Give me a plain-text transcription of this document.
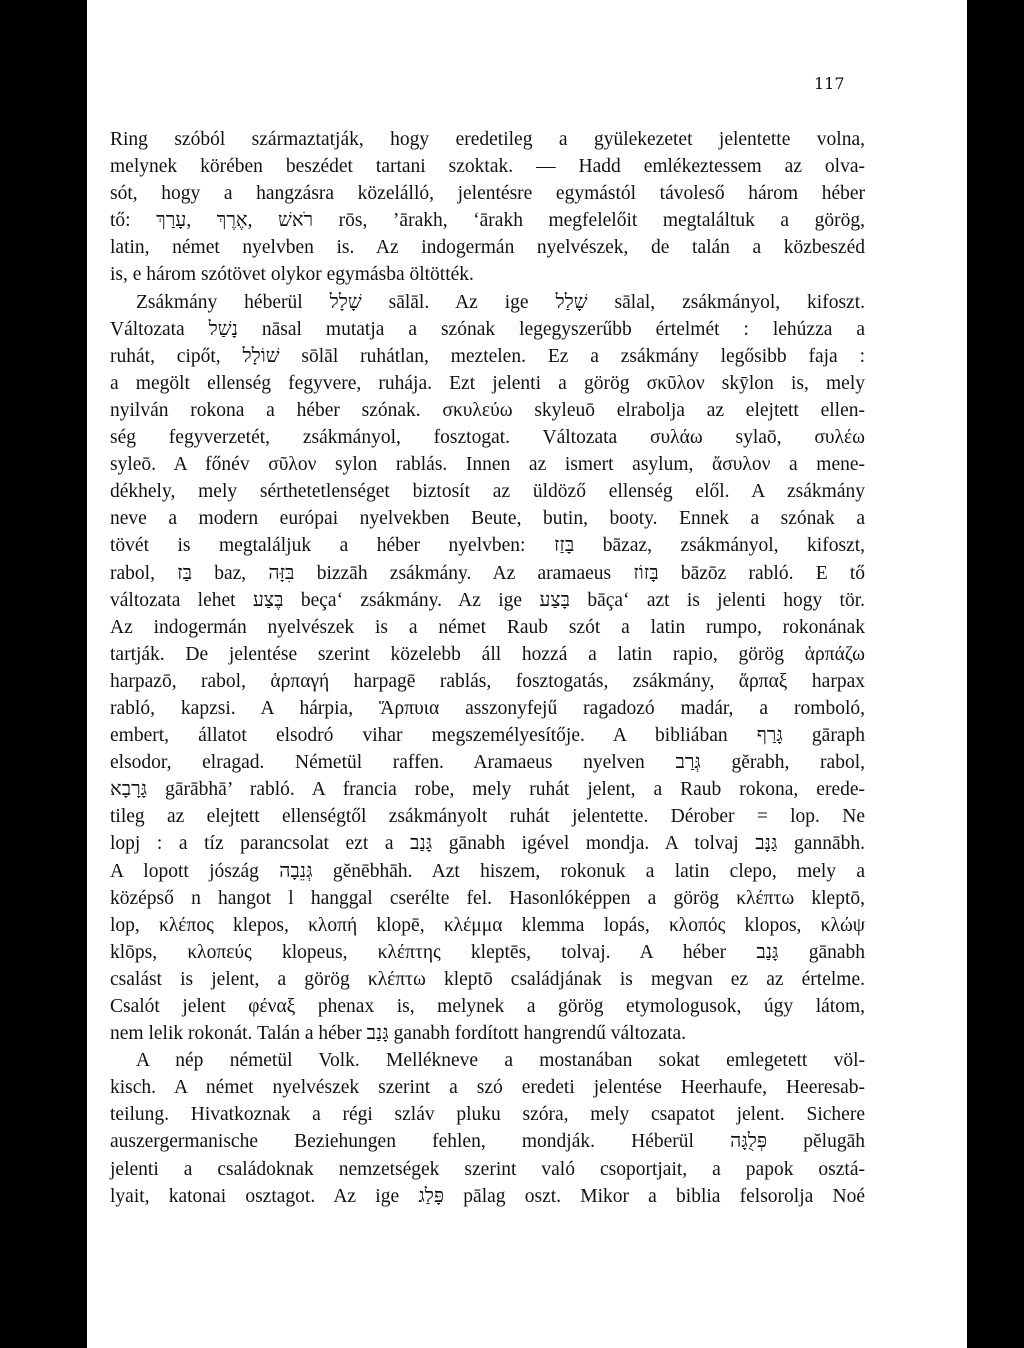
117
Ring szóból származtatják, hogy eredetileg a gyülekezetet jelentette volna,
melynek körében beszédet tartani szoktak. — Hadd emlékeztessem az olva-
sót, hogy a hangzásra közelálló, jelentésre egymástól távoleső három héber
tő: רֹאשׁ ,אֶרֶךְ ,עָרַךְ rōs, ’ārakh, ‘ārakh megfelelőit megtaláltuk a görög,
latin, német nyelvben is. Az indogermán nyelvészek, de talán a közbeszéd
is, e három szótövet olykor egymásba öltötték.
Zsákmány héberül שָׁלָל sālāl. Az ige שָׁלַל sālal, zsákmányol, kifoszt.
Változata נָשַׁל nāsal mutatja a szónak legegyszerűbb értelmét : lehúzza a
ruhát, cipőt, שׁוֹלָל sōlāl ruhátlan, meztelen. Ez a zsákmány legősibb faja :
a megölt ellenség fegyvere, ruhája. Ezt jelenti a görög σκῦλον skȳlon is, mely
nyilván rokona a héber szónak. σκυλεύω skyleuō elrabolja az elejtett ellen-
ség fegyverzetét, zsákmányol, fosztogat. Változata συλάω sylaō, συλέω
syleō. A főnév σῦλον sylon rablás. Innen az ismert asylum, ἄσυλον a mene-
dékhely, mely sérthetetlenséget biztosít az üldöző ellenség elől. A zsákmány
neve a modern európai nyelvekben Beute, butin, booty. Ennek a szónak a
tövét is megtaláljuk a héber nyelvben: בָּזַז bāzaz, zsákmányol, kifoszt,
rabol, בַּז baz, בִּזָּה bizzāh zsákmány. Az aramaeus בָּזוֹז bāzōz rabló. E tő
változata lehet בֶּצַע beça‘ zsákmány. Az ige בָּצַע bāça‘ azt is jelenti hogy tör.
Az indogermán nyelvészek is a német Raub szót a latin rumpo, rokonának
tartják. De jelentése szerint közelebb áll hozzá a latin rapio, görög ἁρπάζω
harpazō, rabol, ἁρπαγή harpagē rablás, fosztogatás, zsákmány, ἅρπαξ harpax
rabló, kapzsi. A hárpia, Ἅρπυια asszonyfejű ragadozó madár, a romboló,
embert, állatot elsodró vihar megszemélyesítője. A bibliában גָּרַף gāraph
elsodor, elragad. Németül raffen. Aramaeus nyelven גְּרַב gĕrabh, rabol,
גָּרָבָא gārābhā’ rabló. A francia robe, mely ruhát jelent, a Raub rokona, erede-
tileg az elejtett ellenségtől zsákmányolt ruhát jelentette. Dérober = lop. Ne
lopj : a tíz parancsolat ezt a גָּנַב gānabh igével mondja. A tolvaj גַּנָּב gannābh.
A lopott jószág גְּנֵבָה gĕnēbhāh. Azt hiszem, rokonuk a latin clepo, mely a
középső n hangot l hanggal cserélte fel. Hasonlóképpen a görög κλέπτω kleptō,
lop, κλέπος klepos, κλοπή klopē, κλέμμα klemma lopás, κλοπός klopos, κλώψ
klōps, κλοπεύς klopeus, κλέπτης kleptēs, tolvaj. A héber גָּנַב gānabh
csalást is jelent, a görög κλέπτω kleptō családjának is megvan ez az értelme.
Csalót jelent φέναξ phenax is, melynek a görög etymologusok, úgy látom,
nem lelik rokonát. Talán a héber גָּנַב ganabh fordított hangrendű változata.
A nép németül Volk. Mellékneve a mostanában sokat emlegetett völ-
kisch. A német nyelvészek szerint a szó eredeti jelentése Heerhaufe, Heeresab-
teilung. Hivatkoznak a régi szláv pluku szóra, mely csapatot jelent. Sichere
auszergermanische Beziehungen fehlen, mondják. Héberül פְּלֻגָּה pĕlugāh
jelenti a családoknak nemzetségek szerint való csoportjait, a papok osztá-
lyait, katonai osztagot. Az ige פָּלַג pālag oszt. Mikor a biblia felsorolja Noé
